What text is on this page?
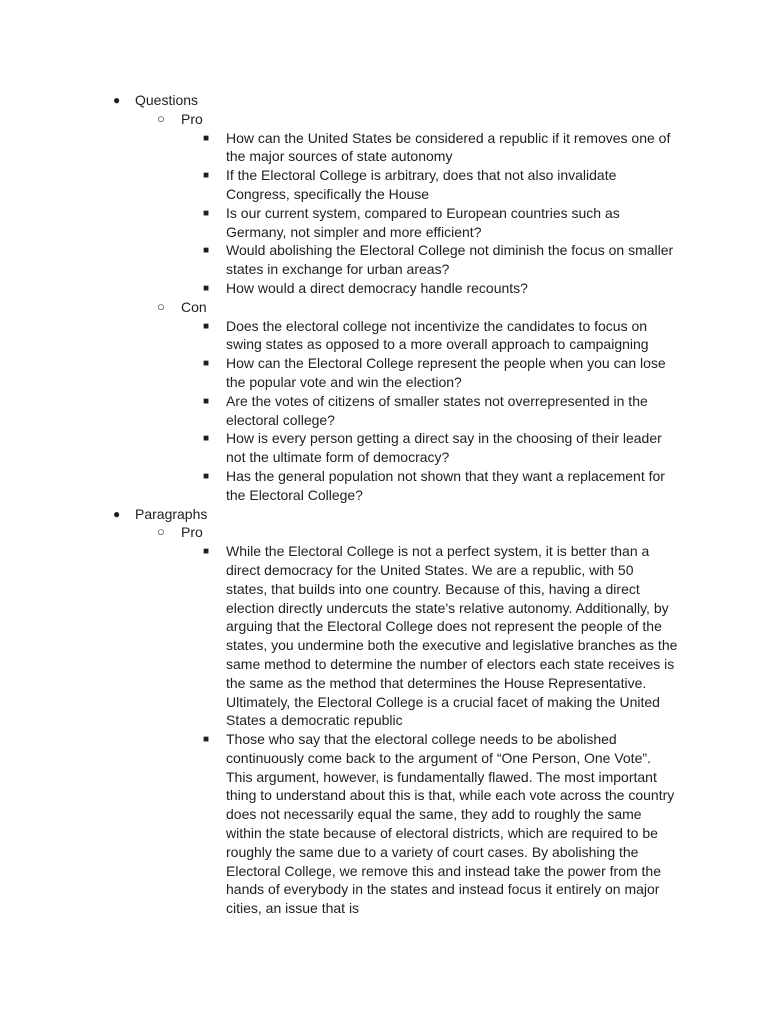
● Questions
○ Pro
■ How can the United States be considered a republic if it removes one of the major sources of state autonomy
■ If the Electoral College is arbitrary, does that not also invalidate Congress, specifically the House
■ Is our current system, compared to European countries such as Germany, not simpler and more efficient?
■ Would abolishing the Electoral College not diminish the focus on smaller states in exchange for urban areas?
■ How would a direct democracy handle recounts?
○ Con
■ Does the electoral college not incentivize the candidates to focus on swing states as opposed to a more overall approach to campaigning
■ How can the Electoral College represent the people when you can lose the popular vote and win the election?
■ Are the votes of citizens of smaller states not overrepresented in the electoral college?
■ How is every person getting a direct say in the choosing of their leader not the ultimate form of democracy?
■ Has the general population not shown that they want a replacement for the Electoral College?
● Paragraphs
○ Pro
■ While the Electoral College is not a perfect system, it is better than a direct democracy for the United States. We are a republic, with 50 states, that builds into one country. Because of this, having a direct election directly undercuts the state's relative autonomy. Additionally, by arguing that the Electoral College does not represent the people of the states, you undermine both the executive and legislative branches as the same method to determine the number of electors each state receives is the same as the method that determines the House Representative. Ultimately, the Electoral College is a crucial facet of making the United States a democratic republic
■ Those who say that the electoral college needs to be abolished continuously come back to the argument of “One Person, One Vote”. This argument, however, is fundamentally flawed. The most important thing to understand about this is that, while each vote across the country does not necessarily equal the same, they add to roughly the same within the state because of electoral districts, which are required to be roughly the same due to a variety of court cases. By abolishing the Electoral College, we remove this and instead take the power from the hands of everybody in the states and instead focus it entirely on major cities, an issue that is
